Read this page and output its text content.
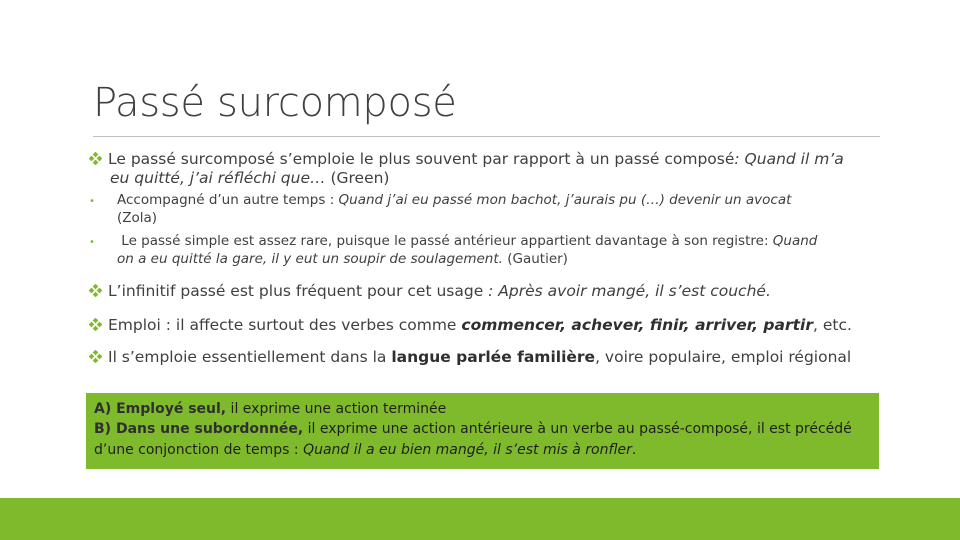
Passé surcomposé
Le passé surcomposé s’emploie le plus souvent par rapport à un passé composé: Quand il m’a
eu quitté, j’ai réfléchi que… (Green)
• Accompagné d’un autre temps : Quand j’ai eu passé mon bachot, j’aurais pu (…) devenir un avocat
(Zola)
• Le passé simple est assez rare, puisque le passé antérieur appartient davantage à son registre: Quand
on a eu quitté la gare, il y eut un soupir de soulagement. (Gautier)
L’infinitif passé est plus fréquent pour cet usage : Après avoir mangé, il s’est couché.
Emploi : il affecte surtout des verbes comme commencer, achever, finir, arriver, partir, etc.
Il s’emploie essentiellement dans la langue parlée familière, voire populaire, emploi régional
A) Employé seul, il exprime une action terminée
B) Dans une subordonnée, il exprime une action antérieure à un verbe au passé-composé, il est précédé
d’une conjonction de temps : Quand il a eu bien mangé, il s’est mis à ronfler.
